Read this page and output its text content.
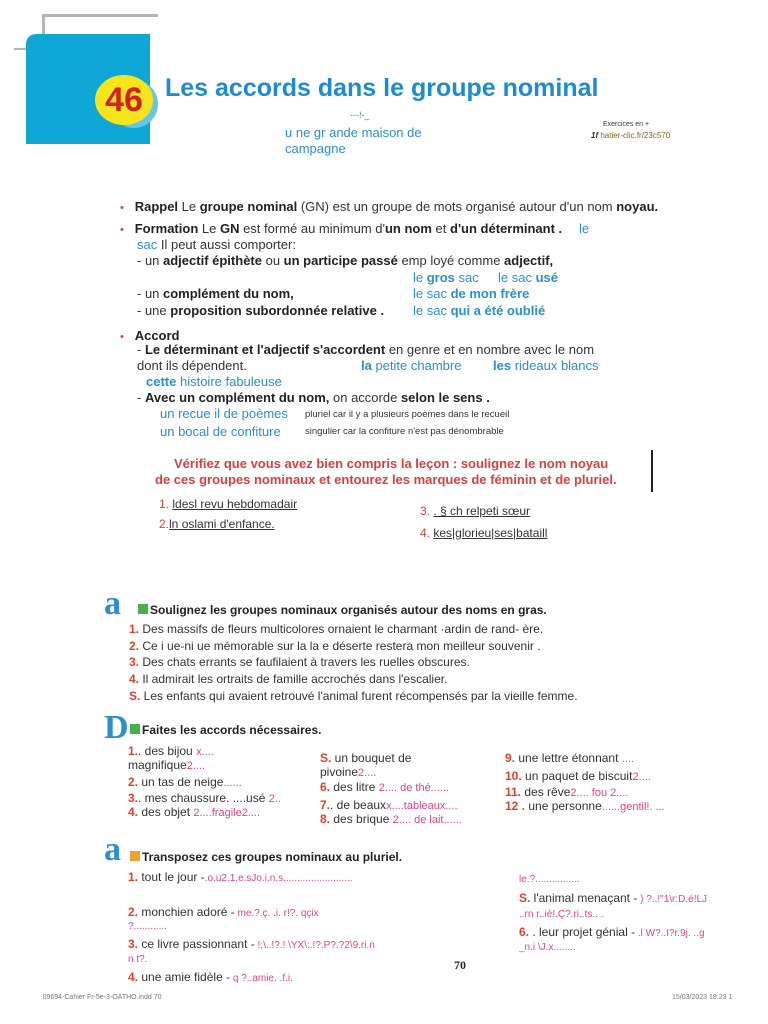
46 Les accords dans le groupe nominal
---!-_
u ne gr ande maison de
campagne
Exercices en +
1f hatier-clic.fr/23c570
• Rappel Le groupe nominal (GN) est un groupe de mots organisé autour d'un nom noyau.
• Formation Le GN est formé au minimum d'un nom et d'un déterminant . le
sac Il peut aussi comporter:
- un adjectif épithète ou un participe passé emp loyé comme adjectif,
le gros sac le sac usé
- un complément du nom,	le sac de mon frère
- une proposition subordonnée relative . le sac qui a été oublié
• Accord
- Le déterminant et l'adjectif s'accordent en genre et en nombre avec le nom
dont ils dépendent.	la petite chambre les rideaux blancs
cette histoire fabuleuse
- Avec un complément du nom, on accorde selon le sens .
un recue il de poèmes pluriel car il y a plusieurs poèmes dans le recueil
un bocal de confiture	singulier car la confiture n'est pas dénombrable
Vérifiez que vous avez bien compris la leçon : soulignez le nom noyau
de ces groupes nominaux et entourez les marques de féminin et de pluriel.
1. ldesl revu hebdomadair
2.ln oslami d'enfance.
3. . § ch relpeti sœur
4. kes|glorieu|ses|bataill
a	Soulignez les groupes nominaux organisés autour des noms en gras.
1. Des massifs de fleurs multicolores ornaient le charmant ·ardin de rand- ère.
2. Ce i ue-ni ue mémorable sur la la e déserte restera mon meilleur souvenir .
3. Des chats errants se faufilaient à travers les ruelles obscures.
4. Il admirait les ortraits de famille accrochés dans l'escalier.
S. Les enfants qui avaient retrouvé l'animal furent récompensés par la vieille femme.
D	Faites les accords nécessaires.
1.. des bijou x....
magnifique2....
2. un tas de neige......
3.. mes chaussure. ....usé 2..
4. des objet 2....fragile2....
S. un bouquet de
pivoine2....
6. des litre 2.... de thé......
7.. de beauxx....tableaux....
8. des brique 2.... de lait......
9. une lettre étonnant ....
10. un paquet de biscuit2....
11. des rêve2.... fou 2....
12 . une personne......gentil!. ...
a	Transposez ces groupes nominaux au pluriel.
1. tout le jour -.o.u2.1.e.sJo.i.n.s.........................
2. monchien adoré - me.?.ç. .i. r!?. qçix
?............
3. ce livre passionnant - !;\..!?.! \YX\:.!?.P?.?2\9.ri.n
n t?.
4. une amie fidèle - q ?..amie. .f.i.
le.?................
S. l'animal menaçant - ) ?..!"1\r:D.é!LJ
..rn r..ié!.Ç?.ri..ts.. .
6. . leur projet génial - .l W?..I?r.9j. ..g
_n.i \J.x........
70
 09694-Cahier Fr-5e-3-OATHO.indd 70	15/03/2023 18:23 1
